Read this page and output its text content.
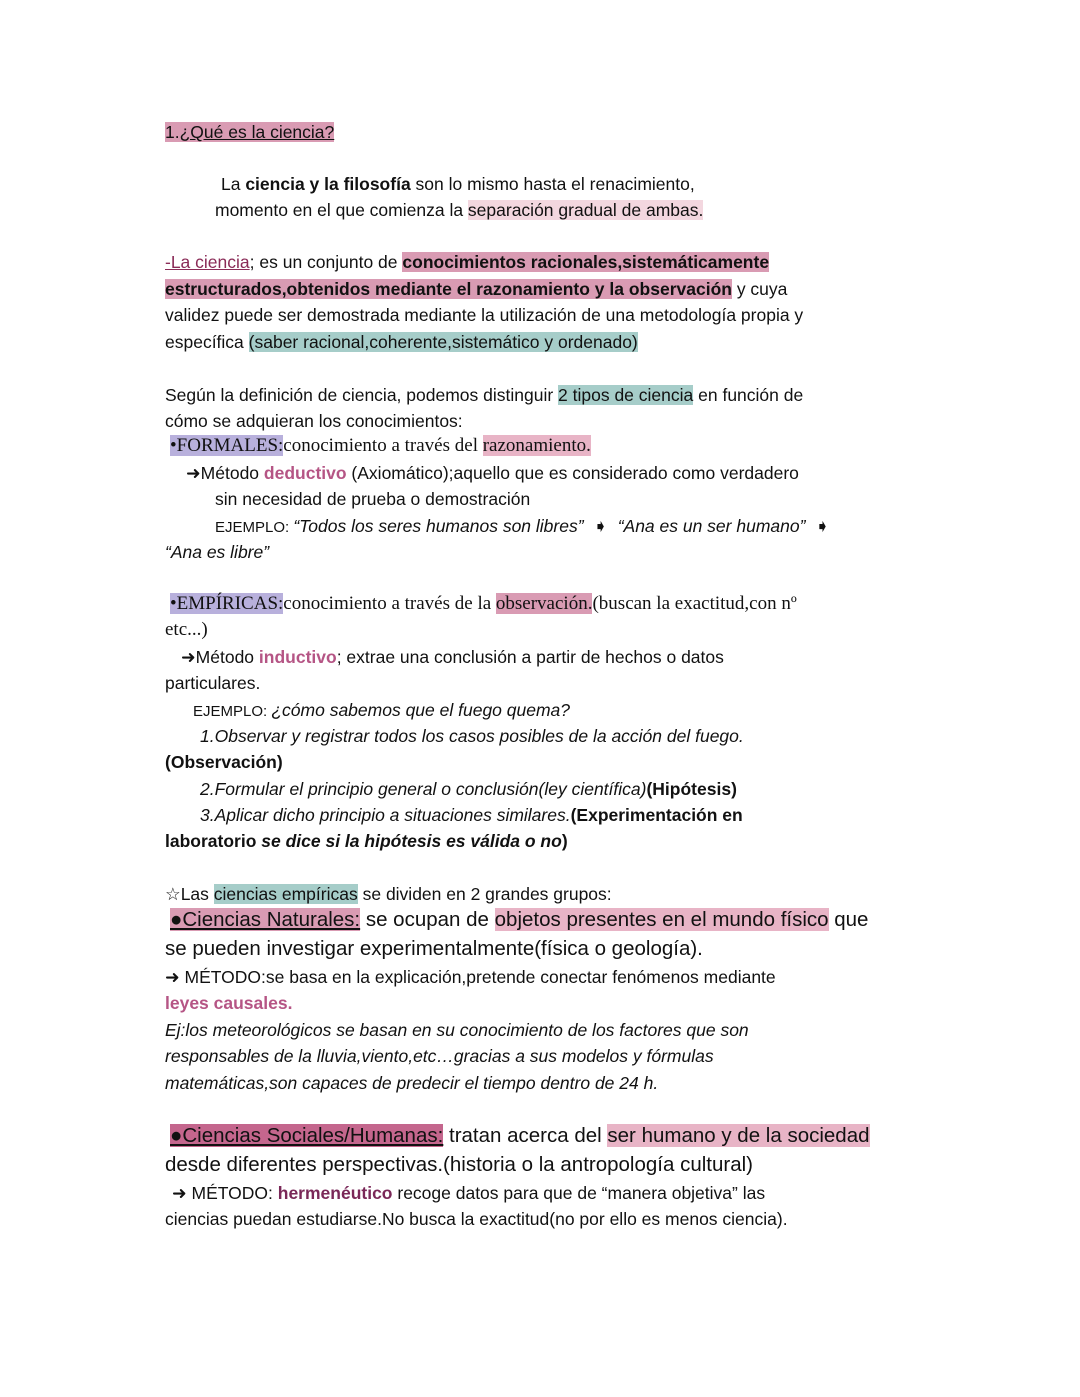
1.¿Qué es la ciencia?
La ciencia y la filosofía son lo mismo hasta el renacimiento,
momento en el que comienza la separación gradual de ambas.
-La ciencia; es un conjunto de conocimientos racionales,sistemáticamente
estructurados,obtenidos mediante el razonamiento y la observación y cuya
validez puede ser demostrada mediante la utilización de una metodología propia y
específica (saber racional,coherente,sistemático y ordenado)
Según la definición de ciencia, podemos distinguir 2 tipos de ciencia en función de
cómo se adquieran los conocimientos:
•FORMALES:conocimiento a través del razonamiento.
➜Método deductivo (Axiomático);aquello que es considerado como verdadero
sin necesidad de prueba o demostración
EJEMPLO: “Todos los seres humanos son libres” ➧ “Ana es un ser humano” ➧
“Ana es libre”
•EMPÍRICAS:conocimiento a través de la observación.(buscan la exactitud,con nº
etc...)
➜Método inductivo; extrae una conclusión a partir de hechos o datos
particulares.
EJEMPLO: ¿cómo sabemos que el fuego quema?
1.Observar y registrar todos los casos posibles de la acción del fuego.
(Observación)
2.Formular el principio general o conclusión(ley científica)(Hipótesis)
3.Aplicar dicho principio a situaciones similares.(Experimentación en
laboratorio se dice si la hipótesis es válida o no)
☆Las ciencias empíricas se dividen en 2 grandes grupos:
●Ciencias Naturales: se ocupan de objetos presentes en el mundo físico que
se pueden investigar experimentalmente(física o geología).
➜ MÉTODO:se basa en la explicación,pretende conectar fenómenos mediante
leyes causales.
Ej:los meteorológicos se basan en su conocimiento de los factores que son
responsables de la lluvia,viento,etc…gracias a sus modelos y fórmulas
matemáticas,son capaces de predecir el tiempo dentro de 24 h.
●Ciencias Sociales/Humanas: tratan acerca del ser humano y de la sociedad
desde diferentes perspectivas.(historia o la antropología cultural)
➜ MÉTODO: hermenéutico recoge datos para que de “manera objetiva” las
ciencias puedan estudiarse.No busca la exactitud(no por ello es menos ciencia).
